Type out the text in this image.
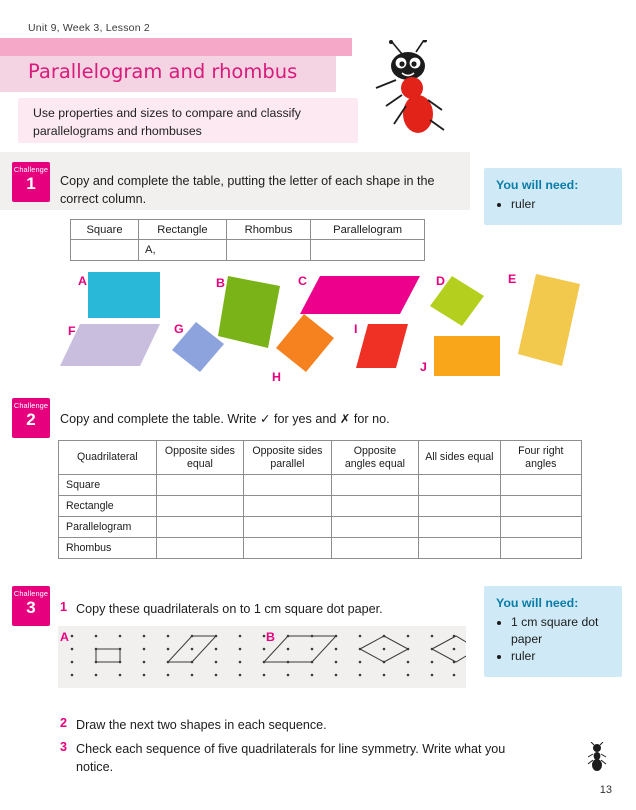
Unit 9, Week 3, Lesson 2
Parallelogram and rhombus
Use properties and sizes to compare and classify parallelograms and rhombuses
Challenge
1	Copy and complete the table, putting the letter of each shape in the correct column.
You will need:
• ruler
Square	Rectangle	Rhombus	Parallelogram
	A,		
A	B	C	D	E
F	G
H
I
J
Challenge
2	Copy and complete the table. Write ✓ for yes and ✗ for no.
Quadrilateral	Opposite sides equal	Opposite sides parallel	Opposite angles equal	All sides equal	Four right angles
Square					
Rectangle					
Parallelogram					
Rhombus					
Challenge
3	You will need:
• 1 cm square dot paper
• ruler
1 Copy these quadrilaterals on to 1 cm square dot paper.
A	B
2 Draw the next two shapes in each sequence.
3 Check each sequence of five quadrilaterals for line symmetry. Write what you notice.
13
